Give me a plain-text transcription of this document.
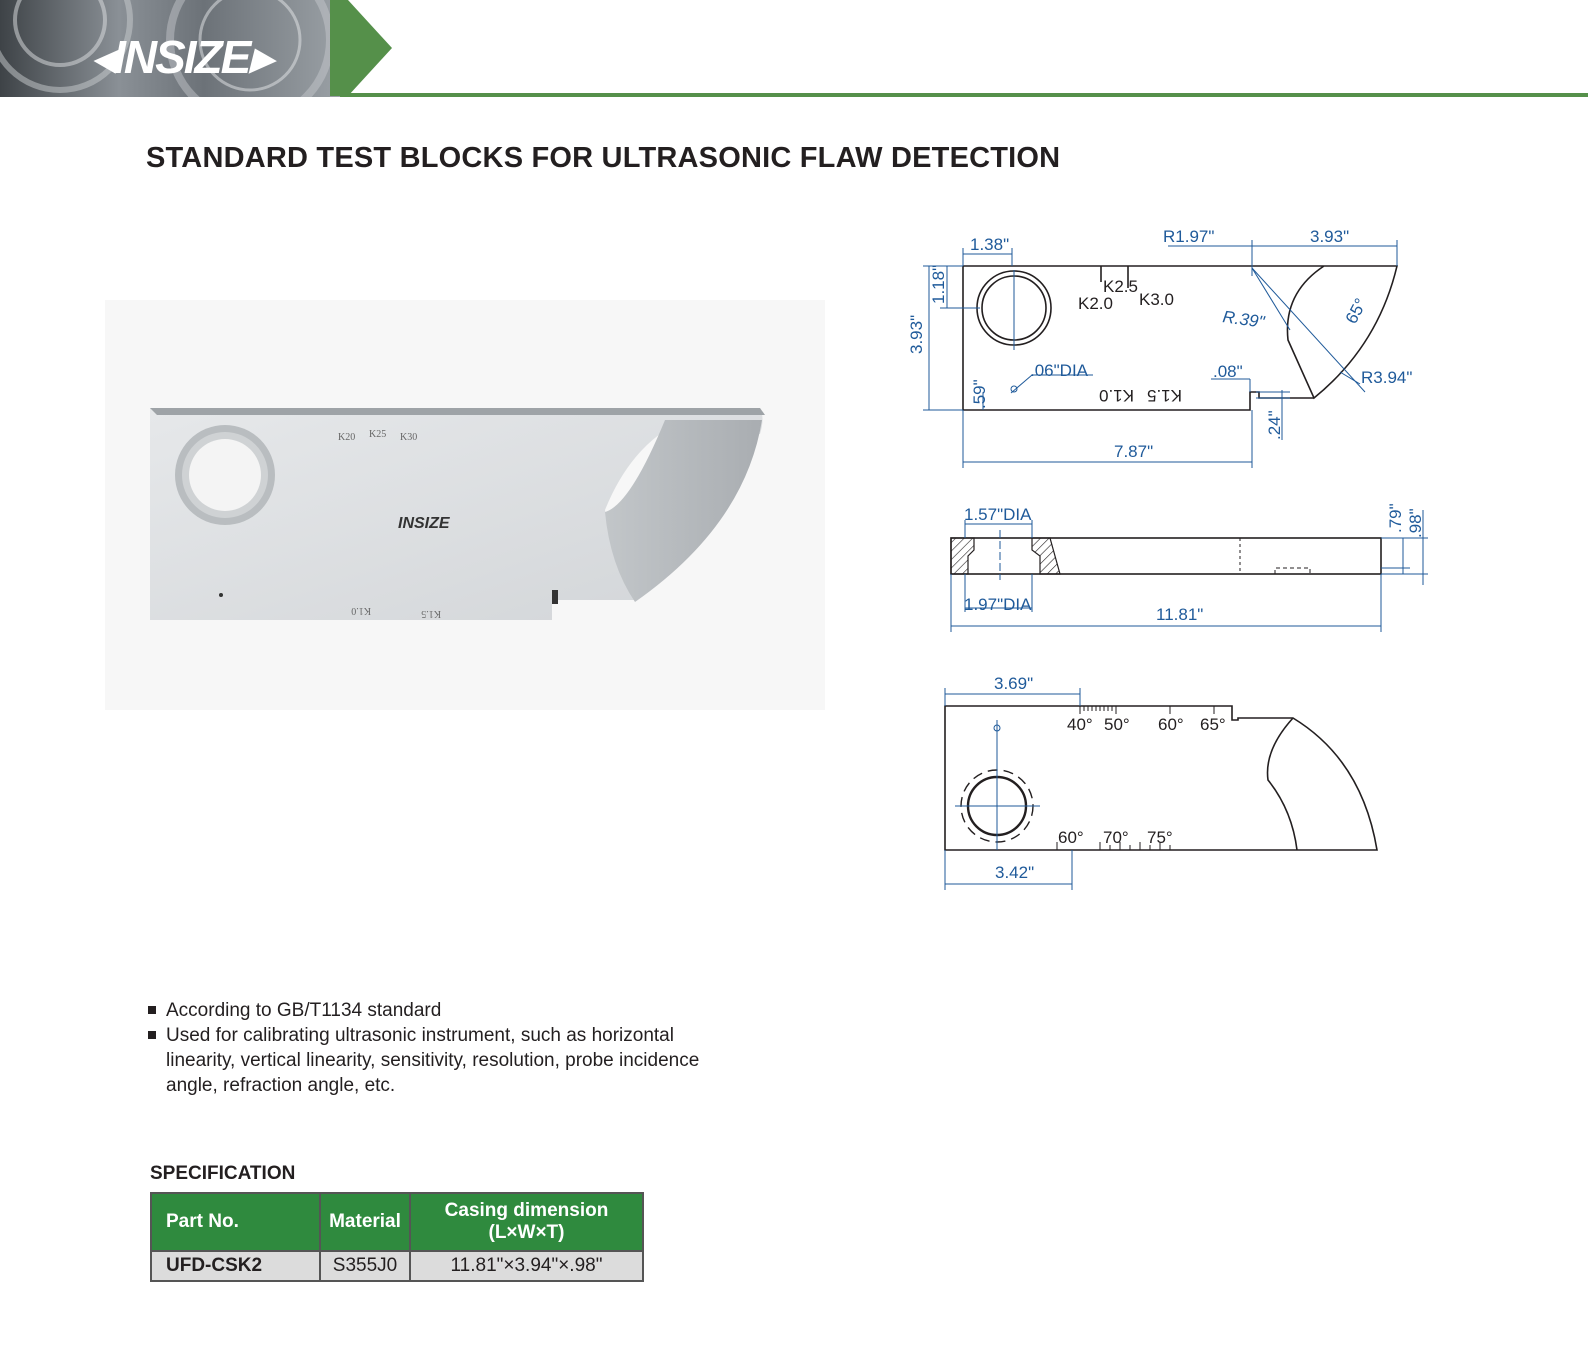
◂INSIZE▸
STANDARD TEST BLOCKS FOR ULTRASONIC FLAW DETECTION
K20 K25 K30
K1.0	K1.5
INSIZE
1.38"	R1.97"	3.93"
1.18"
3.93"
K2.5
K2.0 K3.0
R.39"	65°
.06"DIA	.08"	R3.94"
.59"	K1.5
K1.0
.24"
7.87"
1.57"DIA
1.97"DIA
11.81"
.79" .98"
3.69"
40° 50° 60° 65°
60° 70° 75°
3.42"
According to GB/T1134 standard
Used for calibrating ultrasonic instrument, such as horizontal linearity, vertical linearity, sensitivity, resolution, probe incidence angle, refraction angle, etc.
SPECIFICATION
Part No.	Material	Casing dimension
(L×W×T)
UFD-CSK2	S355J0	11.81"×3.94"×.98"
